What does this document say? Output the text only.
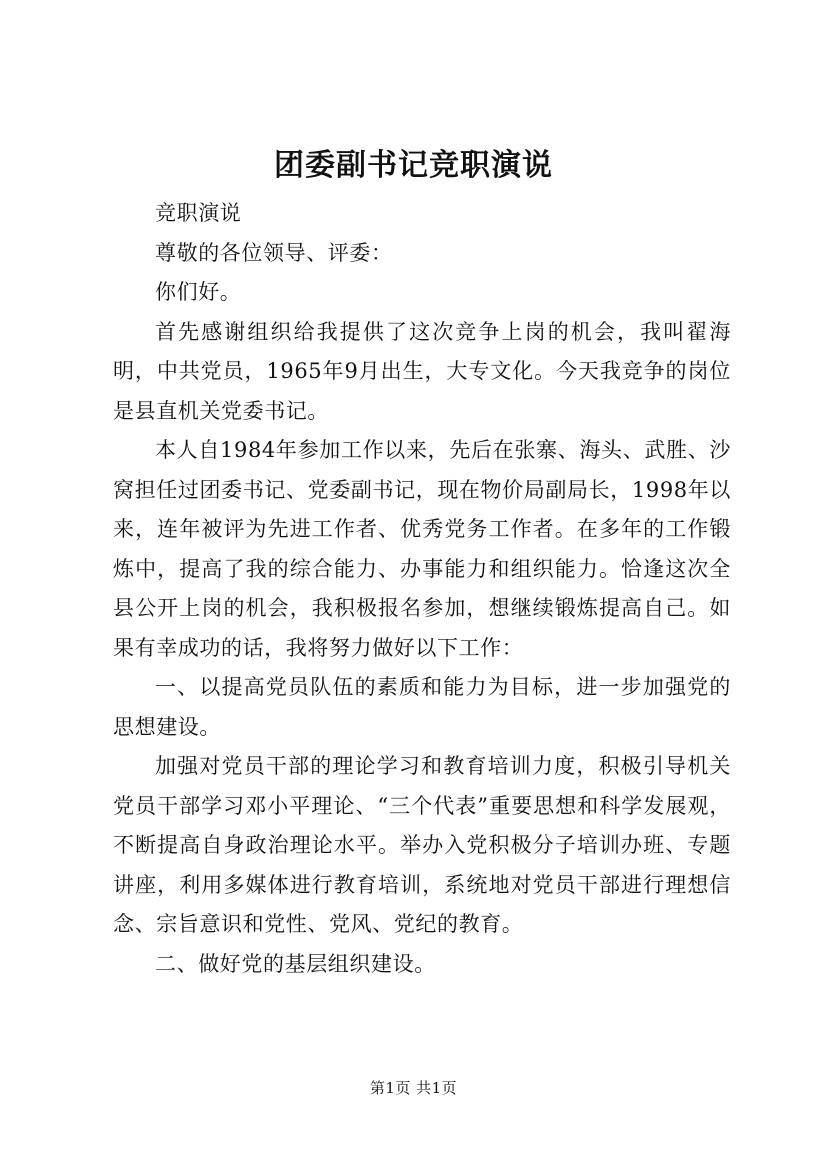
团委副书记竞职演说

竞职演说

尊敬的各位领导、评委：

你们好。

首先感谢组织给我提供了这次竞争上岗的机会，我叫翟海明，中共党员，1965年9月出生，大专文化。今天我竞争的岗位是县直机关党委书记。

本人自1984年参加工作以来，先后在张寨、海头、武胜、沙窝担任过团委书记、党委副书记，现在物价局副局长，1998年以来，连年被评为先进工作者、优秀党务工作者。在多年的工作锻炼中，提高了我的综合能力、办事能力和组织能力。恰逢这次全县公开上岗的机会，我积极报名参加，想继续锻炼提高自己。如果有幸成功的话，我将努力做好以下工作：

一、以提高党员队伍的素质和能力为目标，进一步加强党的思想建设。

加强对党员干部的理论学习和教育培训力度，积极引导机关党员干部学习邓小平理论、“三个代表”重要思想和科学发展观，不断提高自身政治理论水平。举办入党积极分子培训办班、专题讲座，利用多媒体进行教育培训，系统地对党员干部进行理想信念、宗旨意识和党性、党风、党纪的教育。

二、做好党的基层组织建设。

第1页 共1页
